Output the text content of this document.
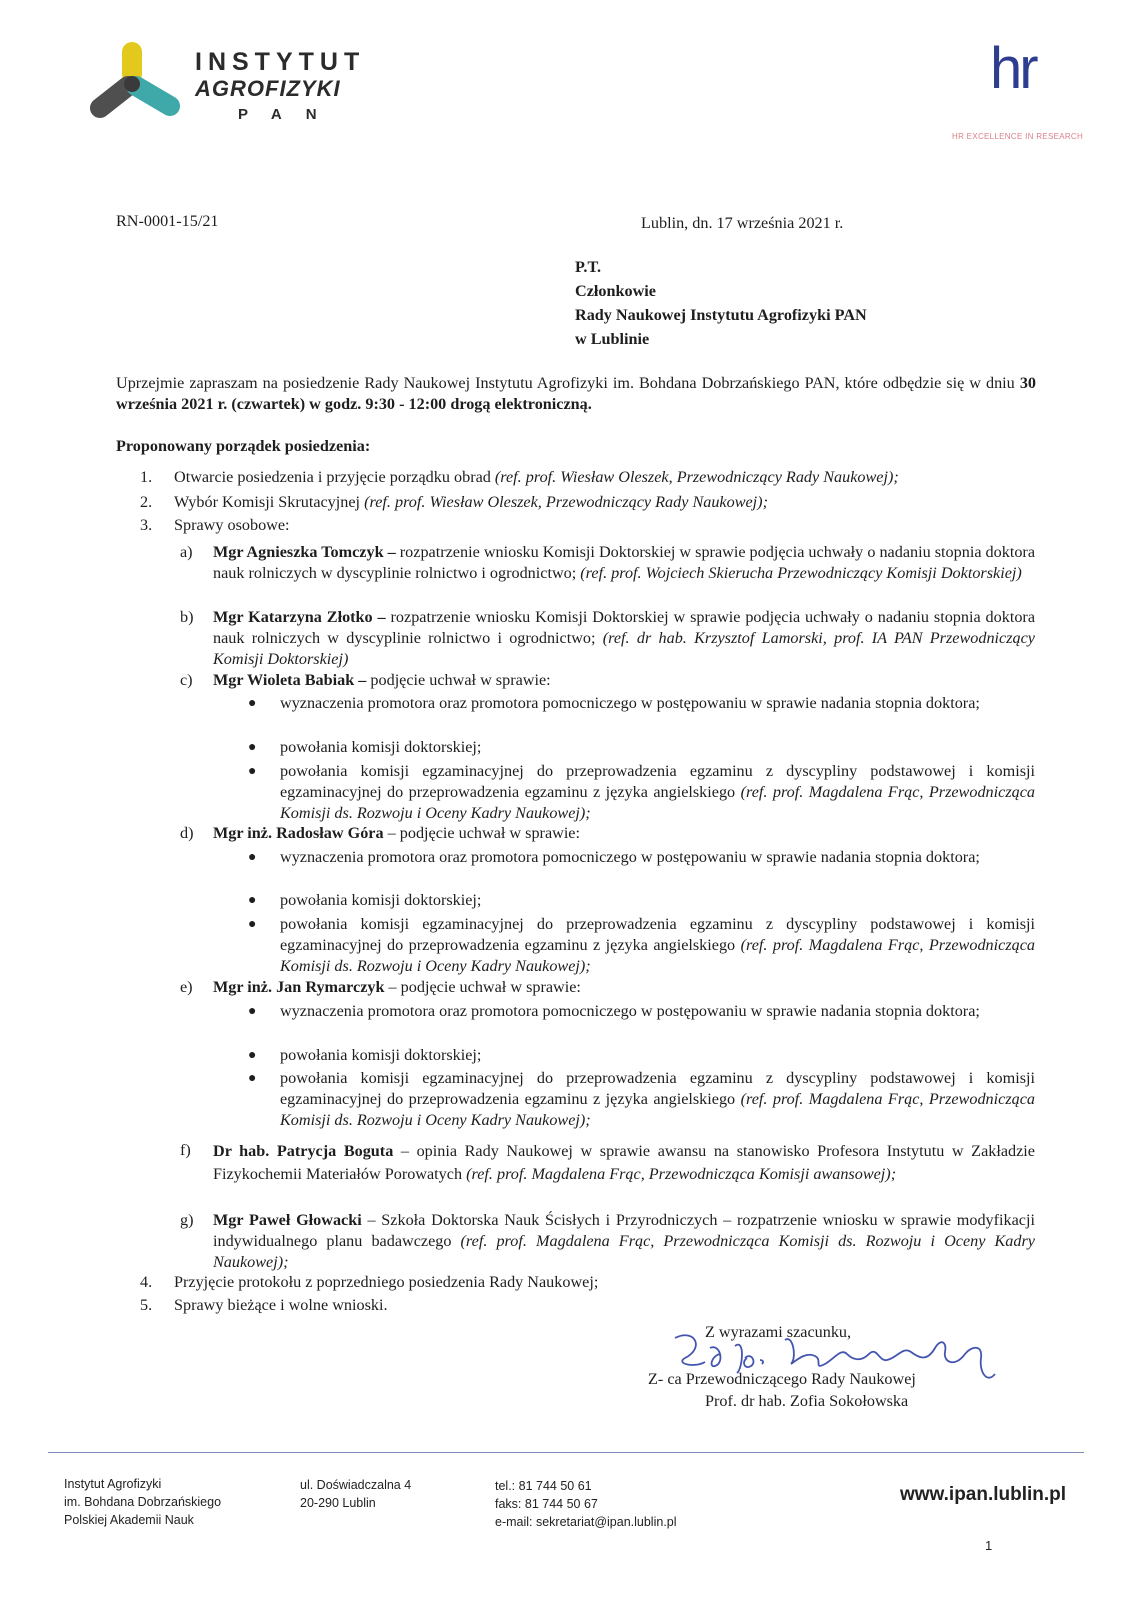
INSTYTUT
AGROFIZYKI
PAN
hr
HR EXCELLENCE IN RESEARCH
RN-0001-15/21	Lublin, dn. 17 września 2021 r.
P.T.
Członkowie
Rady Naukowej Instytutu Agrofizyki PAN
w Lublinie
Uprzejmie zapraszam na posiedzenie Rady Naukowej Instytutu Agrofizyki im. Bohdana Dobrzańskiego PAN, które odbędzie się w dniu 30 września 2021 r. (czwartek) w godz. 9:30 - 12:00 drogą elektroniczną.
Proponowany porządek posiedzenia:
1. Otwarcie posiedzenia i przyjęcie porządku obrad (ref. prof. Wiesław Oleszek, Przewodniczący Rady Naukowej);
2. Wybór Komisji Skrutacyjnej (ref. prof. Wiesław Oleszek, Przewodniczący Rady Naukowej);
3. Sprawy osobowe:
a) Mgr Agnieszka Tomczyk – rozpatrzenie wniosku Komisji Doktorskiej w sprawie podjęcia uchwały o nadaniu stopnia doktora nauk rolniczych w dyscyplinie rolnictwo i ogrodnictwo; (ref. prof. Wojciech Skierucha Przewodniczący Komisji Doktorskiej)
b) Mgr Katarzyna Złotko – rozpatrzenie wniosku Komisji Doktorskiej w sprawie podjęcia uchwały o nadaniu stopnia doktora nauk rolniczych w dyscyplinie rolnictwo i ogrodnictwo; (ref. dr hab. Krzysztof Lamorski, prof. IA PAN Przewodniczący Komisji Doktorskiej)
c) Mgr Wioleta Babiak – podjęcie uchwał w sprawie:
● wyznaczenia promotora oraz promotora pomocniczego w postępowaniu w sprawie nadania stopnia doktora;
● powołania komisji doktorskiej;
● powołania komisji egzaminacyjnej do przeprowadzenia egzaminu z dyscypliny podstawowej i komisji egzaminacyjnej do przeprowadzenia egzaminu z języka angielskiego (ref. prof. Magdalena Frąc, Przewodnicząca Komisji ds. Rozwoju i Oceny Kadry Naukowej);
d) Mgr inż. Radosław Góra – podjęcie uchwał w sprawie:
● wyznaczenia promotora oraz promotora pomocniczego w postępowaniu w sprawie nadania stopnia doktora;
● powołania komisji doktorskiej;
● powołania komisji egzaminacyjnej do przeprowadzenia egzaminu z dyscypliny podstawowej i komisji egzaminacyjnej do przeprowadzenia egzaminu z języka angielskiego (ref. prof. Magdalena Frąc, Przewodnicząca Komisji ds. Rozwoju i Oceny Kadry Naukowej);
e) Mgr inż. Jan Rymarczyk – podjęcie uchwał w sprawie:
● wyznaczenia promotora oraz promotora pomocniczego w postępowaniu w sprawie nadania stopnia doktora;
● powołania komisji doktorskiej;
● powołania komisji egzaminacyjnej do przeprowadzenia egzaminu z dyscypliny podstawowej i komisji egzaminacyjnej do przeprowadzenia egzaminu z języka angielskiego (ref. prof. Magdalena Frąc, Przewodnicząca Komisji ds. Rozwoju i Oceny Kadry Naukowej);
f) Dr hab. Patrycja Boguta – opinia Rady Naukowej w sprawie awansu na stanowisko Profesora Instytutu w Zakładzie Fizykochemii Materiałów Porowatych (ref. prof. Magdalena Frąc, Przewodnicząca Komisji awansowej);
g) Mgr Paweł Głowacki – Szkoła Doktorska Nauk Ścisłych i Przyrodniczych – rozpatrzenie wniosku w sprawie modyfikacji indywidualnego planu badawczego (ref. prof. Magdalena Frąc, Przewodnicząca Komisji ds. Rozwoju i Oceny Kadry Naukowej);
4. Przyjęcie protokołu z poprzedniego posiedzenia Rady Naukowej;
5. Sprawy bieżące i wolne wnioski.
Z wyrazami szacunku,
Z- ca Przewodniczącego Rady Naukowej
Prof. dr hab. Zofia Sokołowska
Instytut Agrofizyki
im. Bohdana Dobrzańskiego
Polskiej Akademii Nauk
ul. Doświadczalna 4
20-290 Lublin
tel.: 81 744 50 61
faks: 81 744 50 67
e-mail: sekretariat@ipan.lublin.pl
www.ipan.lublin.pl
1
